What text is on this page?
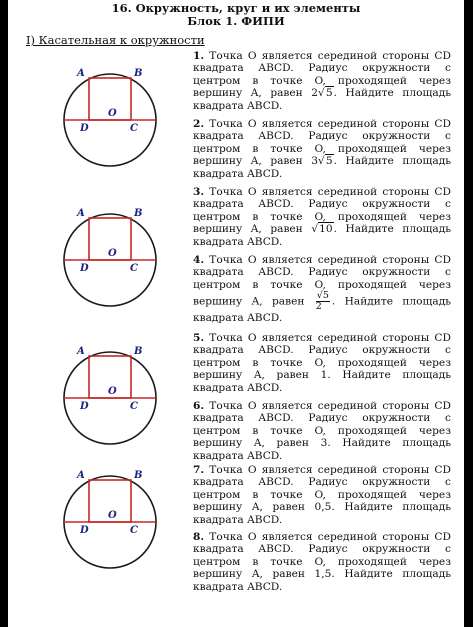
16. Окружность, круг и их элементы
Блок 1. ФИПИ
I) Касательная к окружности
A	B
D	C
O
A	B
D	C
O
A	B
D	C
O
A	B
D	C
O
1. Точка O является серединой стороны CD квадрата ABCD. Радиус окружности с центром в точке O, проходящей через вершину A, равен 2√5. Найдите площадь квадрата ABCD.
2. Точка O является серединой стороны CD квадрата ABCD. Радиус окружности с центром в точке O, проходящей через вершину A, равен 3√5. Найдите площадь квадрата ABCD.
3. Точка O является серединой стороны CD квадрата ABCD. Радиус окружности с центром в точке O, проходящей через вершину A, равен √10. Найдите площадь квадрата ABCD.
4. Точка O является серединой стороны CD квадрата ABCD. Радиус окружности с центром в точке O, проходящей через вершину A, равен $\frac{√5}{2}$ . Найдите площадь квадрата ABCD.
5. Точка O является серединой стороны CD квадрата ABCD. Радиус окружности с центром в точке O, проходящей через вершину A, равен 1. Найдите площадь квадрата ABCD.
6. Точка O является серединой стороны CD квадрата ABCD. Радиус окружности с центром в точке O, проходящей через вершину A, равен 3. Найдите площадь квадрата ABCD.
7. Точка O является серединой стороны CD квадрата ABCD. Радиус окружности с центром в точке O, проходящей через вершину A, равен 0,5. Найдите площадь квадрата ABCD.
8. Точка O является серединой стороны CD квадрата ABCD. Радиус окружности с центром в точке O, проходящей через вершину A, равен 1,5. Найдите площадь квадрата ABCD.
